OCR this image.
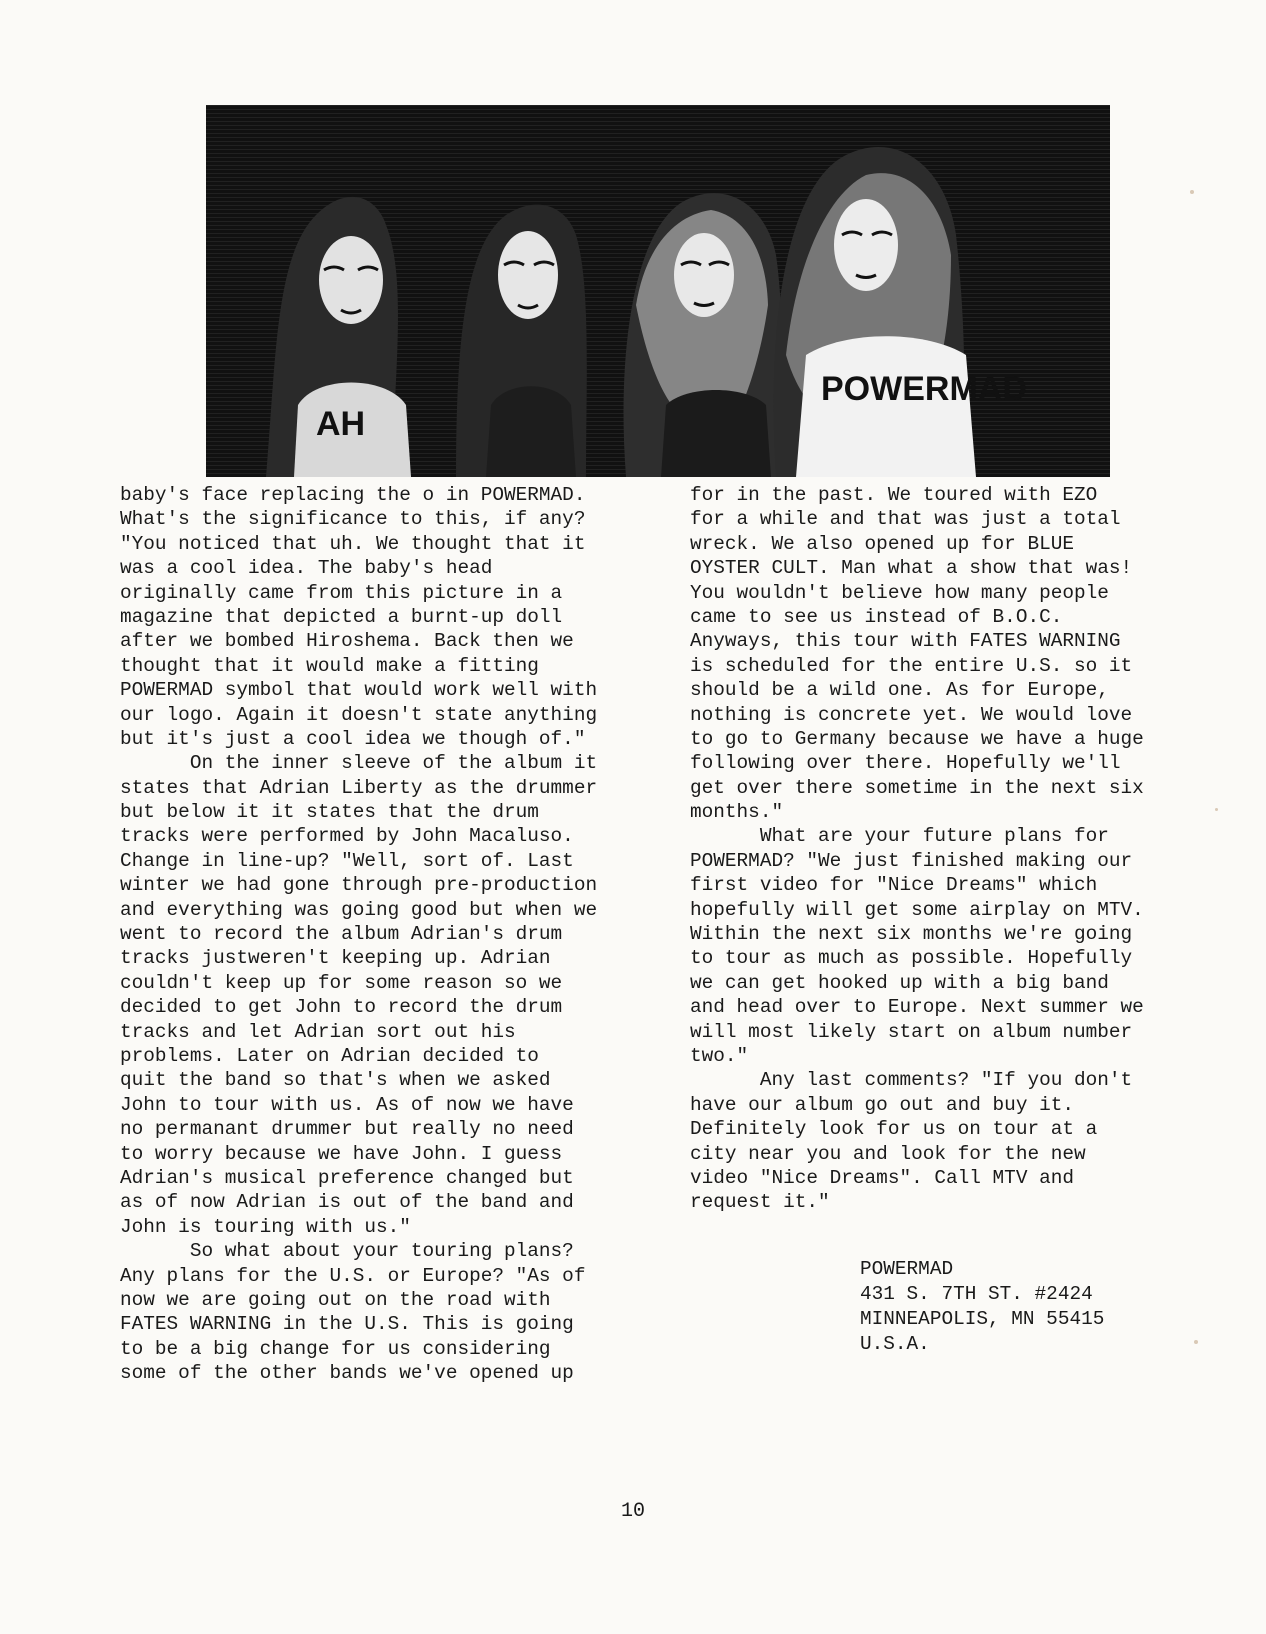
AH
POWERMAD
baby's face replacing the o in POWERMAD.
What's the significance to this, if any?
"You noticed that uh. We thought that it
was a cool idea. The baby's head
originally came from this picture in a
magazine that depicted a burnt-up doll
after we bombed Hiroshema. Back then we
thought that it would make a fitting
POWERMAD symbol that would work well with
our logo. Again it doesn't state anything
but it's just a cool idea we though of."
On the inner sleeve of the album it
states that Adrian Liberty as the drummer
but below it it states that the drum
tracks were performed by John Macaluso.
Change in line-up? "Well, sort of. Last
winter we had gone through pre-production
and everything was going good but when we
went to record the album Adrian's drum
tracks justweren't keeping up. Adrian
couldn't keep up for some reason so we
decided to get John to record the drum
tracks and let Adrian sort out his
problems. Later on Adrian decided to
quit the band so that's when we asked
John to tour with us. As of now we have
no permanant drummer but really no need
to worry because we have John. I guess
Adrian's musical preference changed but
as of now Adrian is out of the band and
John is touring with us."
So what about your touring plans?
Any plans for the U.S. or Europe? "As of
now we are going out on the road with
FATES WARNING in the U.S. This is going
to be a big change for us considering
some of the other bands we've opened up
for in the past. We toured with EZO
for a while and that was just a total
wreck. We also opened up for BLUE
OYSTER CULT. Man what a show that was!
You wouldn't believe how many people
came to see us instead of B.O.C.
Anyways, this tour with FATES WARNING
is scheduled for the entire U.S. so it
should be a wild one. As for Europe,
nothing is concrete yet. We would love
to go to Germany because we have a huge
following over there. Hopefully we'll
get over there sometime in the next six
months."
What are your future plans for
POWERMAD? "We just finished making our
first video for "Nice Dreams" which
hopefully will get some airplay on MTV.
Within the next six months we're going
to tour as much as possible. Hopefully
we can get hooked up with a big band
and head over to Europe. Next summer we
will most likely start on album number
two."
Any last comments? "If you don't
have our album go out and buy it.
Definitely look for us on tour at a
city near you and look for the new
video "Nice Dreams". Call MTV and
request it."
POWERMAD
431 S. 7TH ST. #2424
MINNEAPOLIS, MN 55415
U.S.A.
10
